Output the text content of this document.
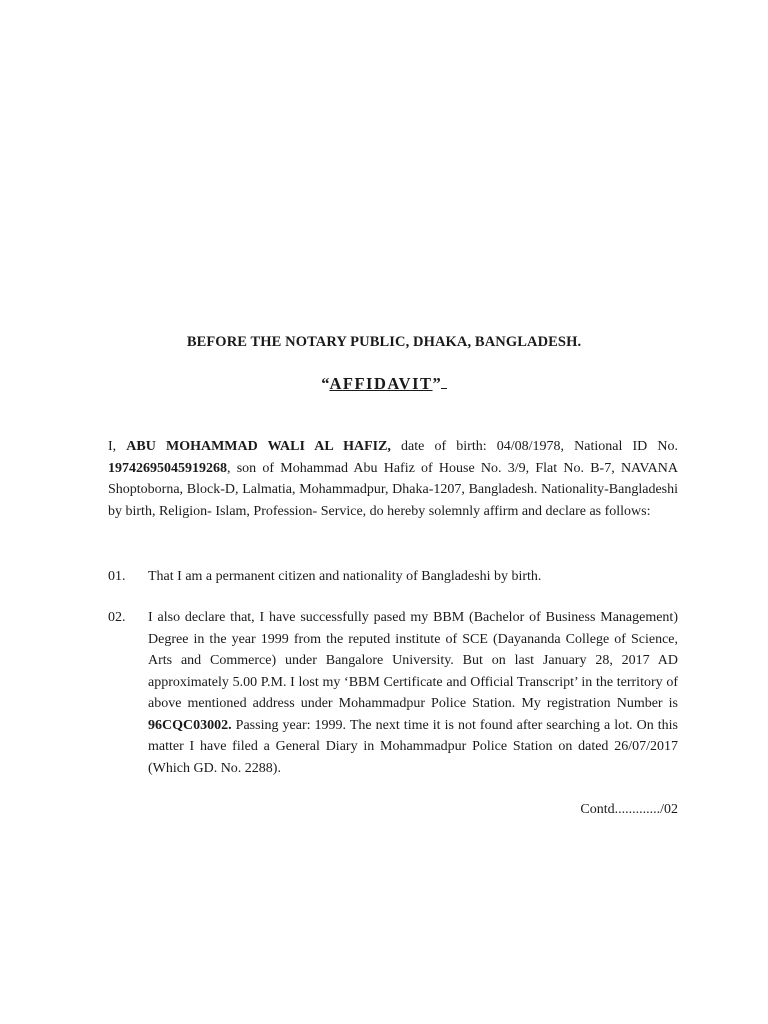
BEFORE THE NOTARY PUBLIC, DHAKA, BANGLADESH.
“AFFIDAVIT”
I, ABU MOHAMMAD WALI AL HAFIZ, date of birth: 04/08/1978, National ID No. 19742695045919268, son of Mohammad Abu Hafiz of House No. 3/9, Flat No. B-7, NAVANA Shoptoborna, Block-D, Lalmatia, Mohammadpur, Dhaka-1207, Bangladesh. Nationality-Bangladeshi by birth, Religion- Islam, Profession- Service, do hereby solemnly affirm and declare as follows:
01.	That I am a permanent citizen and nationality of Bangladeshi by birth.
02.	I also declare that, I have successfully pased my BBM (Bachelor of Business Management) Degree in the year 1999 from the reputed institute of SCE (Dayananda College of Science, Arts and Commerce) under Bangalore University. But on last January 28, 2017 AD approximately 5.00 P.M. I lost my ‘BBM Certificate and Official Transcript’ in the territory of above mentioned address under Mohammadpur Police Station. My registration Number is 96CQC03002. Passing year: 1999. The next time it is not found after searching a lot. On this matter I have filed a General Diary in Mohammadpur Police Station on dated 26/07/2017 (Which GD. No. 2288).
Contd............./02
